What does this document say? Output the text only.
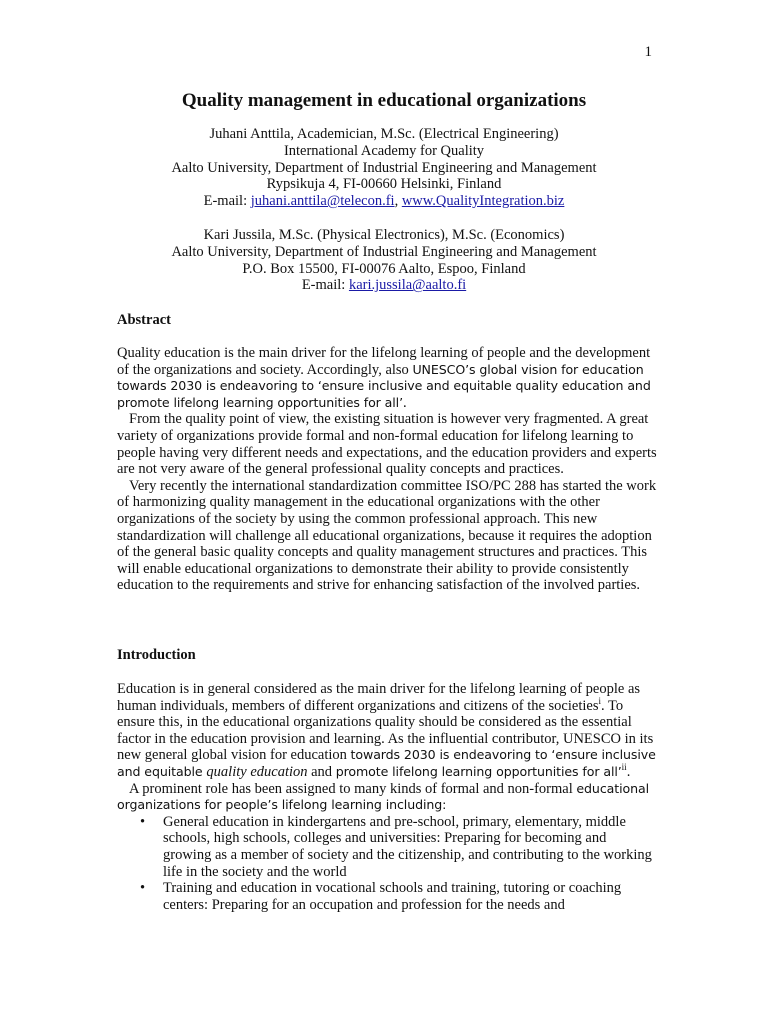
1
Quality management in educational organizations

Juhani Anttila, Academician, M.Sc. (Electrical Engineering)

International Academy for Quality

Aalto University, Department of Industrial Engineering and Management

Rypsikuja 4, FI-00660 Helsinki, Finland

E-mail: juhani.anttila@telecon.fi, www.QualityIntegration.biz

Kari Jussila, M.Sc. (Physical Electronics), M.Sc. (Economics)

Aalto University, Department of Industrial Engineering and Management

P.O. Box 15500, FI-00076 Aalto, Espoo, Finland

E-mail: kari.jussila@aalto.fi

Abstract

Quality education is the main driver for the lifelong learning of people and the development of the organizations and society. Accordingly, also UNESCO’s global vision for education towards 2030 is endeavoring to ‘ensure inclusive and equitable quality education and promote lifelong learning opportunities for all’.

From the quality point of view, the existing situation is however very fragmented. A great variety of organizations provide formal and non-formal education for lifelong learning to people having very different needs and expectations, and the education providers and experts are not very aware of the general professional quality concepts and practices.

Very recently the international standardization committee ISO/PC 288 has started the work of harmonizing quality management in the educational organizations with the other organizations of the society by using the common professional approach. This new standardization will challenge all educational organizations, because it requires the adoption of the general basic quality concepts and quality management structures and practices. This will enable educational organizations to demonstrate their ability to provide consistently education to the requirements and strive for enhancing satisfaction of the involved parties.

Introduction

Education is in general considered as the main driver for the lifelong learning of people as human individuals, members of different organizations and citizens of the societies$^i$. To ensure this, in the educational organizations quality should be considered as the essential factor in the education provision and learning. As the influential contributor, UNESCO in its new general global vision for education towards 2030 is endeavoring to ‘ensure inclusive and equitable quality education and promote lifelong learning opportunities for all’$^{ii}$.

A prominent role has been assigned to many kinds of formal and non-formal educational organizations for people’s lifelong learning including:

• General education in kindergartens and pre-school, primary, elementary, middle schools, high schools, colleges and universities: Preparing for becoming and growing as a member of society and the citizenship, and contributing to the working life in the society and the world
• Training and education in vocational schools and training, tutoring or coaching centers: Preparing for an occupation and profession for the needs and
